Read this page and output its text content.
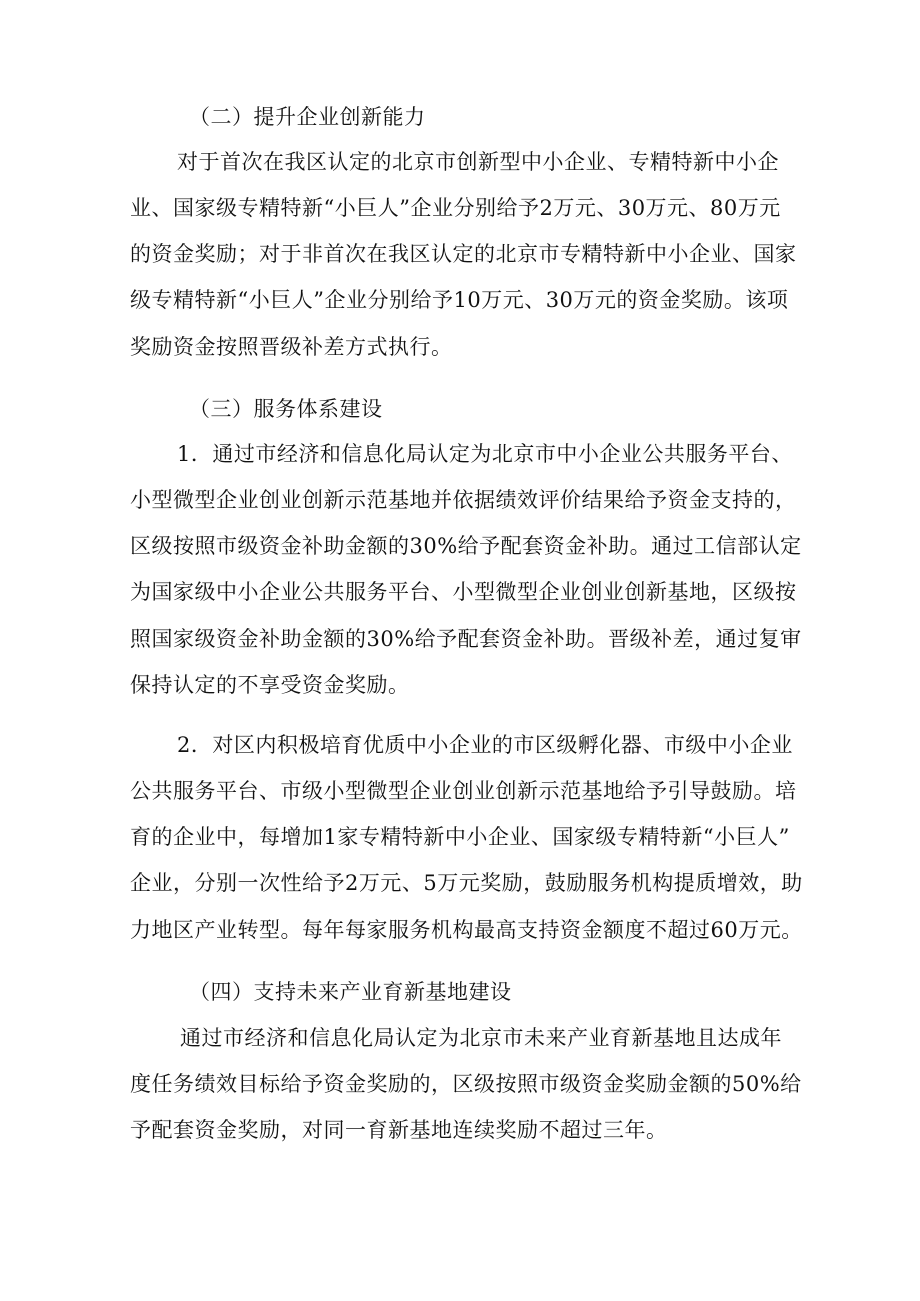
（二）提升企业创新能力
对于首次在我区认定的北京市创新型中小企业、专精特新中小企
业、国家级专精特新“小巨人”企业分别给予2万元、30万元、80万元
的资金奖励；对于非首次在我区认定的北京市专精特新中小企业、国家
级专精特新“小巨人”企业分别给予10万元、30万元的资金奖励。该项
奖励资金按照晋级补差方式执行。
（三）服务体系建设
1．通过市经济和信息化局认定为北京市中小企业公共服务平台、
小型微型企业创业创新示范基地并依据绩效评价结果给予资金支持的，
区级按照市级资金补助金额的30%给予配套资金补助。通过工信部认定
为国家级中小企业公共服务平台、小型微型企业创业创新基地，区级按
照国家级资金补助金额的30%给予配套资金补助。晋级补差，通过复审
保持认定的不享受资金奖励。
2．对区内积极培育优质中小企业的市区级孵化器、市级中小企业
公共服务平台、市级小型微型企业创业创新示范基地给予引导鼓励。培
育的企业中，每增加1家专精特新中小企业、国家级专精特新“小巨人”
企业，分别一次性给予2万元、5万元奖励，鼓励服务机构提质增效，助
力地区产业转型。每年每家服务机构最高支持资金额度不超过60万元。
（四）支持未来产业育新基地建设
通过市经济和信息化局认定为北京市未来产业育新基地且达成年
度任务绩效目标给予资金奖励的，区级按照市级资金奖励金额的50%给
予配套资金奖励，对同一育新基地连续奖励不超过三年。
